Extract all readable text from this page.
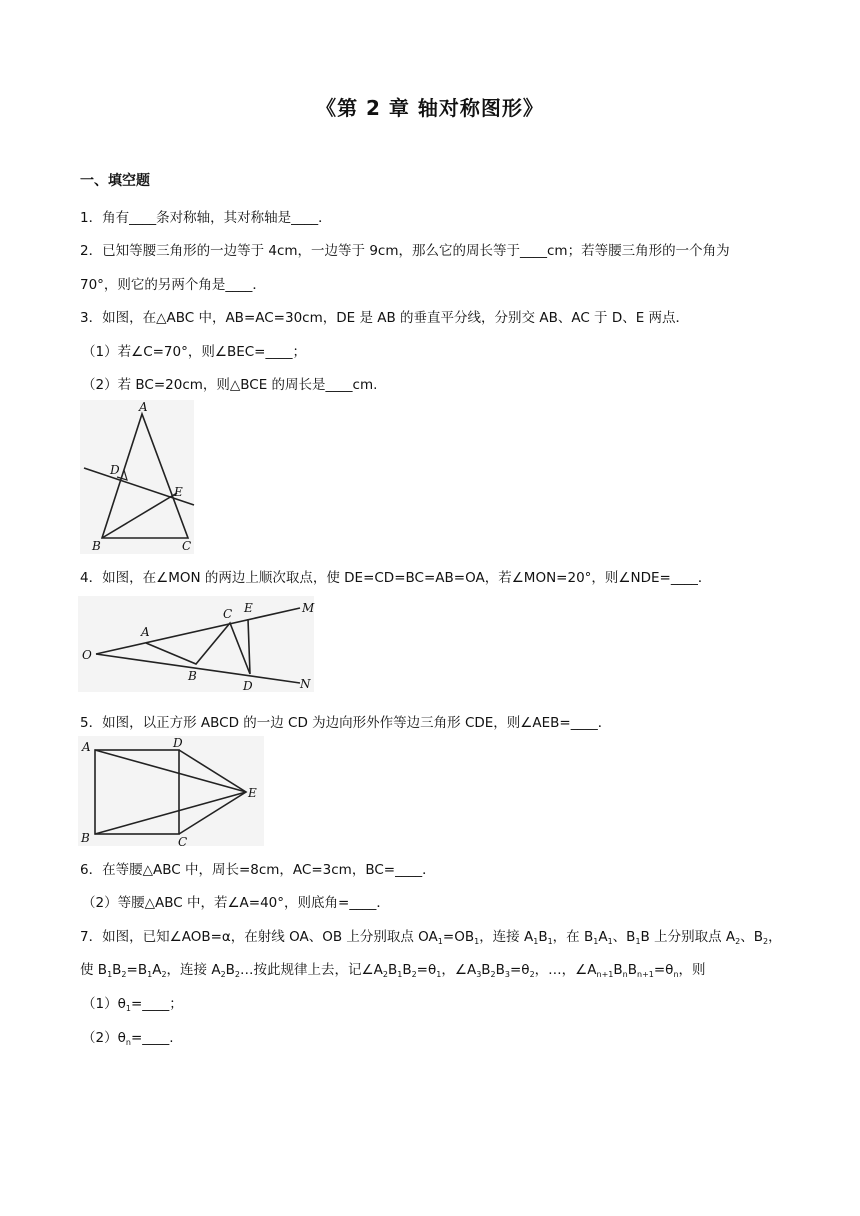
《第 2 章 轴对称图形》
一、填空题
1．角有____条对称轴，其对称轴是____．
2．已知等腰三角形的一边等于 4cm，一边等于 9cm，那么它的周长等于____cm；若等腰三角形的一个角为
70°，则它的另两个角是____．
3．如图，在△ABC 中，AB=AC=30cm，DE 是 AB 的垂直平分线，分别交 AB、AC 于 D、E 两点．
（1）若∠C=70°，则∠BEC=____；
（2）若 BC=20cm，则△BCE 的周长是____cm.
A
D
E
B	C
4．如图，在∠MON 的两边上顺次取点，使 DE=CD=BC=AB=OA，若∠MON=20°，则∠NDE=____．
O
A
B
C
D
E	M
N
5．如图，以正方形 ABCD 的一边 CD 为边向形外作等边三角形 CDE，则∠AEB=____．
A	D
E
B	C
6．在等腰△ABC 中，周长=8cm，AC=3cm，BC=____．
（2）等腰△ABC 中，若∠A=40°，则底角=____．
7．如图，已知∠AOB=α，在射线 OA、OB 上分别取点 $OA_1=OB_1$，连接 $A_1B_1$，在 $B_1A_1$、$B_1B$ 上分别取点 $A_2$、$B_2$，
使 $B_1B_2=B_1A_2$，连接 $A_2B_2\dots$按此规律上去，记$\angle A_2B_1B_2=\theta_1$，$\angle A_3B_2B_3=\theta_2$，…，$\angle A_{n+1}B_nB_{n+1}=\theta_n$，则
$(1)\theta_1=\_\_\_\_$；
$(2)\theta_n=\_\_\_\_$.
